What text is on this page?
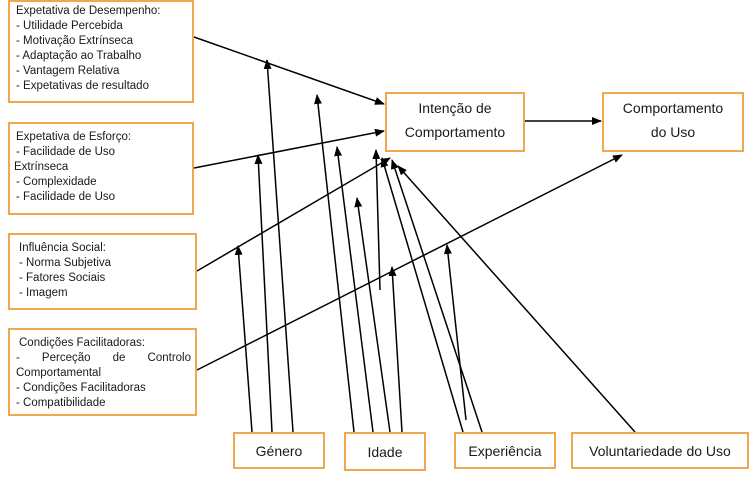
Expetativa de Desempenho:
- Utilidade Percebida
- Motivação Extrínseca
- Adaptação ao Trabalho
- Vantagem Relativa
- Expetativas de resultado
Expetativa de Esforço:
- Facilidade de Uso
Extrínseca
- Complexidade
- Facilidade de Uso
Influência Social:
- Norma Subjetiva
- Fatores Sociais
- Imagem
Condições Facilitadoras:
- Perceção de Controlo
Comportamental
- Condições Facilitadoras
- Compatibilidade
Intenção de
Comportamento
Comportamento
do Uso
Género	Idade	Experiência	Voluntariedade do Uso
